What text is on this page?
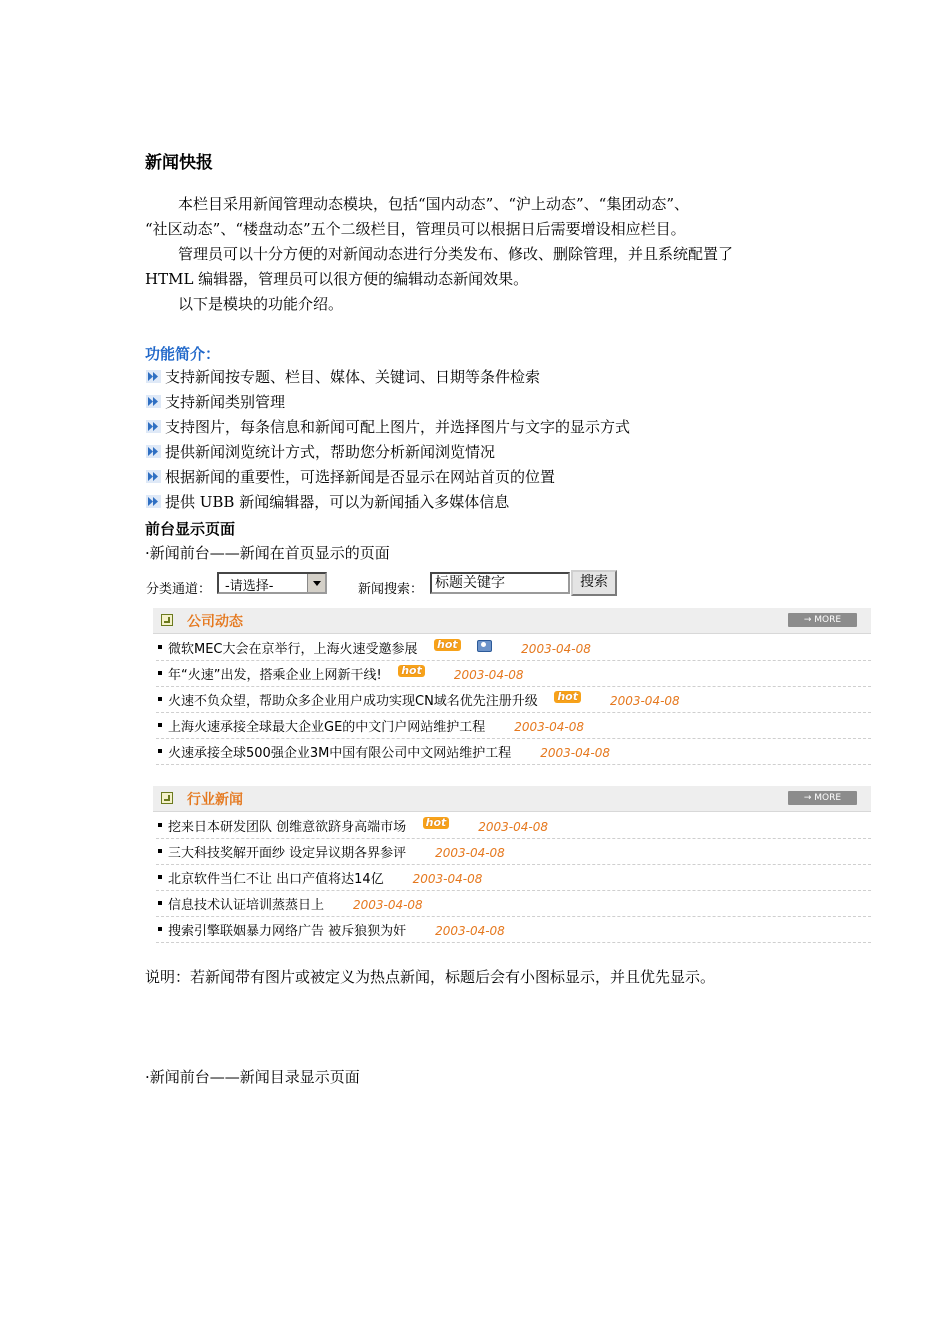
新闻快报
本栏目采用新闻管理动态模块，包括“国内动态”、“沪上动态”、“集团动态”、
“社区动态”、“楼盘动态”五个二级栏目，管理员可以根据日后需要增设相应栏目。
管理员可以十分方便的对新闻动态进行分类发布、修改、删除管理，并且系统配置了
HTML 编辑器，管理员可以很方便的编辑动态新闻效果。
以下是模块的功能介绍。
功能简介：
支持新闻按专题、栏目、媒体、关键词、日期等条件检索
支持新闻类别管理
支持图片，每条信息和新闻可配上图片，并选择图片与文字的显示方式
提供新闻浏览统计方式，帮助您分析新闻浏览情况
根据新闻的重要性，可选择新闻是否显示在网站首页的位置
提供 UBB 新闻编辑器，可以为新闻插入多媒体信息
前台显示页面
·新闻前台——新闻在首页显示的页面
分类通道： -请选择-	新闻搜索： 标题关键字	搜索
公司动态	→ MORE
微软MEC大会在京举行，上海火速受邀参展 hot	2003-04-08
年“火速”出发，搭乘企业上网新干线! hot	2003-04-08
火速不负众望，帮助众多企业用户成功实现CN域名优先注册升级 hot	2003-04-08
上海火速承接全球最大企业GE的中文门户网站维护工程 2003-04-08
火速承接全球500强企业3M中国有限公司中文网站维护工程 2003-04-08
行业新闻	→ MORE
挖来日本研发团队 创维意欲跻身高端市场 hot	2003-04-08
三大科技奖解开面纱 设定异议期各界参评 2003-04-08
北京软件当仁不让 出口产值将达14亿 2003-04-08
信息技术认证培训蒸蒸日上 2003-04-08
搜索引擎联姻暴力网络广告 被斥狼狈为奸 2003-04-08
说明：若新闻带有图片或被定义为热点新闻，标题后会有小图标显示，并且优先显示。
·新闻前台——新闻目录显示页面
